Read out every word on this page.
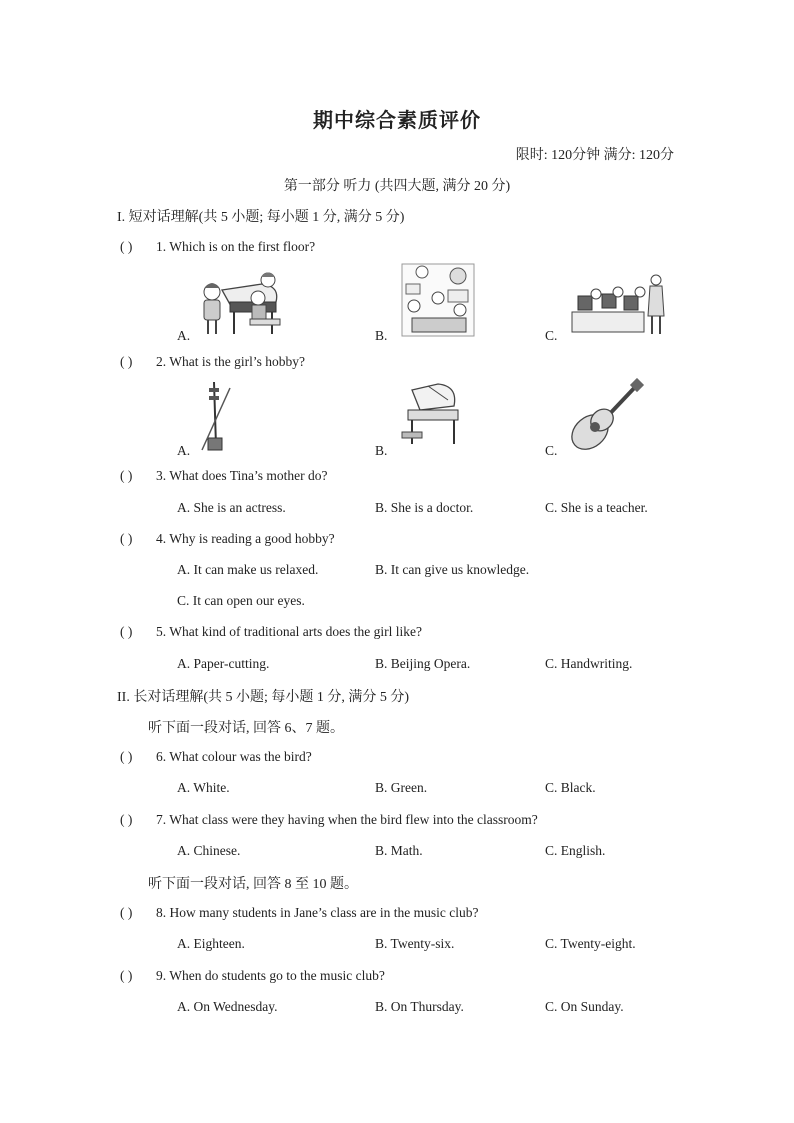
期中综合素质评价
限时: 120分钟 满分: 120分
第一部分 听力 (共四大题, 满分 20 分)
I. 短对话理解(共 5 小题; 每小题 1 分, 满分 5 分)
( ) 1. Which is on the first floor?
A.	B.	C.
( ) 2. What is the girl’s hobby?
A.	B.	C.
( ) 3. What does Tina’s mother do?
A. She is an actress.	B. She is a doctor.	C. She is a teacher.
( ) 4. Why is reading a good hobby?
A. It can make us relaxed.	B. It can give us knowledge.
C. It can open our eyes.
( ) 5. What kind of traditional arts does the girl like?
A. Paper-cutting.	B. Beijing Opera.	C. Handwriting.
II. 长对话理解(共 5 小题; 每小题 1 分, 满分 5 分)
听下面一段对话, 回答 6、7 题。
( ) 6. What colour was the bird?
A. White.	B. Green.	C. Black.
( ) 7. What class were they having when the bird flew into the classroom?
A. Chinese.	B. Math.	C. English.
听下面一段对话, 回答 8 至 10 题。
( ) 8. How many students in Jane’s class are in the music club?
A. Eighteen.	B. Twenty-six.	C. Twenty-eight.
( ) 9. When do students go to the music club?
A. On Wednesday.	B. On Thursday.	C. On Sunday.
